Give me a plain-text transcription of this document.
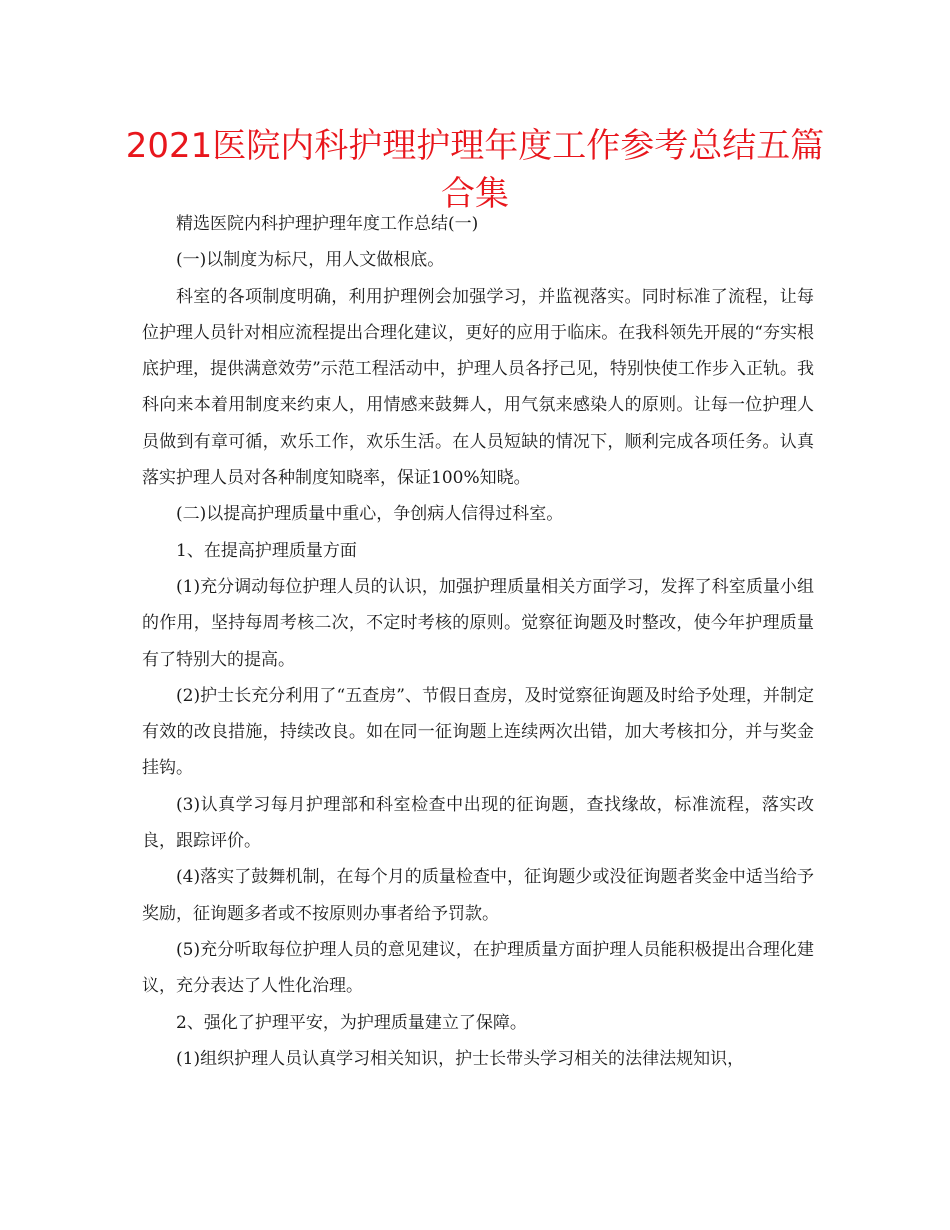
2021医院内科护理护理年度工作参考总结五篇
合集

精选医院内科护理护理年度工作总结(一)

(一)以制度为标尺，用人文做根底。

科室的各项制度明确，利用护理例会加强学习，并监视落实。同时标准了流程，让每位护理人员针对相应流程提出合理化建议，更好的应用于临床。在我科领先开展的“夯实根底护理，提供满意效劳”示范工程活动中，护理人员各抒己见，特别快使工作步入正轨。我科向来本着用制度来约束人，用情感来鼓舞人，用气氛来感染人的原则。让每一位护理人员做到有章可循，欢乐工作，欢乐生活。在人员短缺的情况下，顺利完成各项任务。认真落实护理人员对各种制度知晓率，保证100%知晓。

(二)以提高护理质量中重心，争创病人信得过科室。

1、在提高护理质量方面

(1)充分调动每位护理人员的认识，加强护理质量相关方面学习，发挥了科室质量小组的作用，坚持每周考核二次，不定时考核的原则。觉察征询题及时整改，使今年护理质量有了特别大的提高。

(2)护士长充分利用了“五查房”、节假日查房，及时觉察征询题及时给予处理，并制定有效的改良措施，持续改良。如在同一征询题上连续两次出错，加大考核扣分，并与奖金挂钩。

(3)认真学习每月护理部和科室检查中出现的征询题，查找缘故，标准流程，落实改良，跟踪评价。

(4)落实了鼓舞机制，在每个月的质量检查中，征询题少或没征询题者奖金中适当给予奖励，征询题多者或不按原则办事者给予罚款。

(5)充分听取每位护理人员的意见建议，在护理质量方面护理人员能积极提出合理化建议，充分表达了人性化治理。

2、强化了护理平安，为护理质量建立了保障。

(1)组织护理人员认真学习相关知识，护士长带头学习相关的法律法规知识，
